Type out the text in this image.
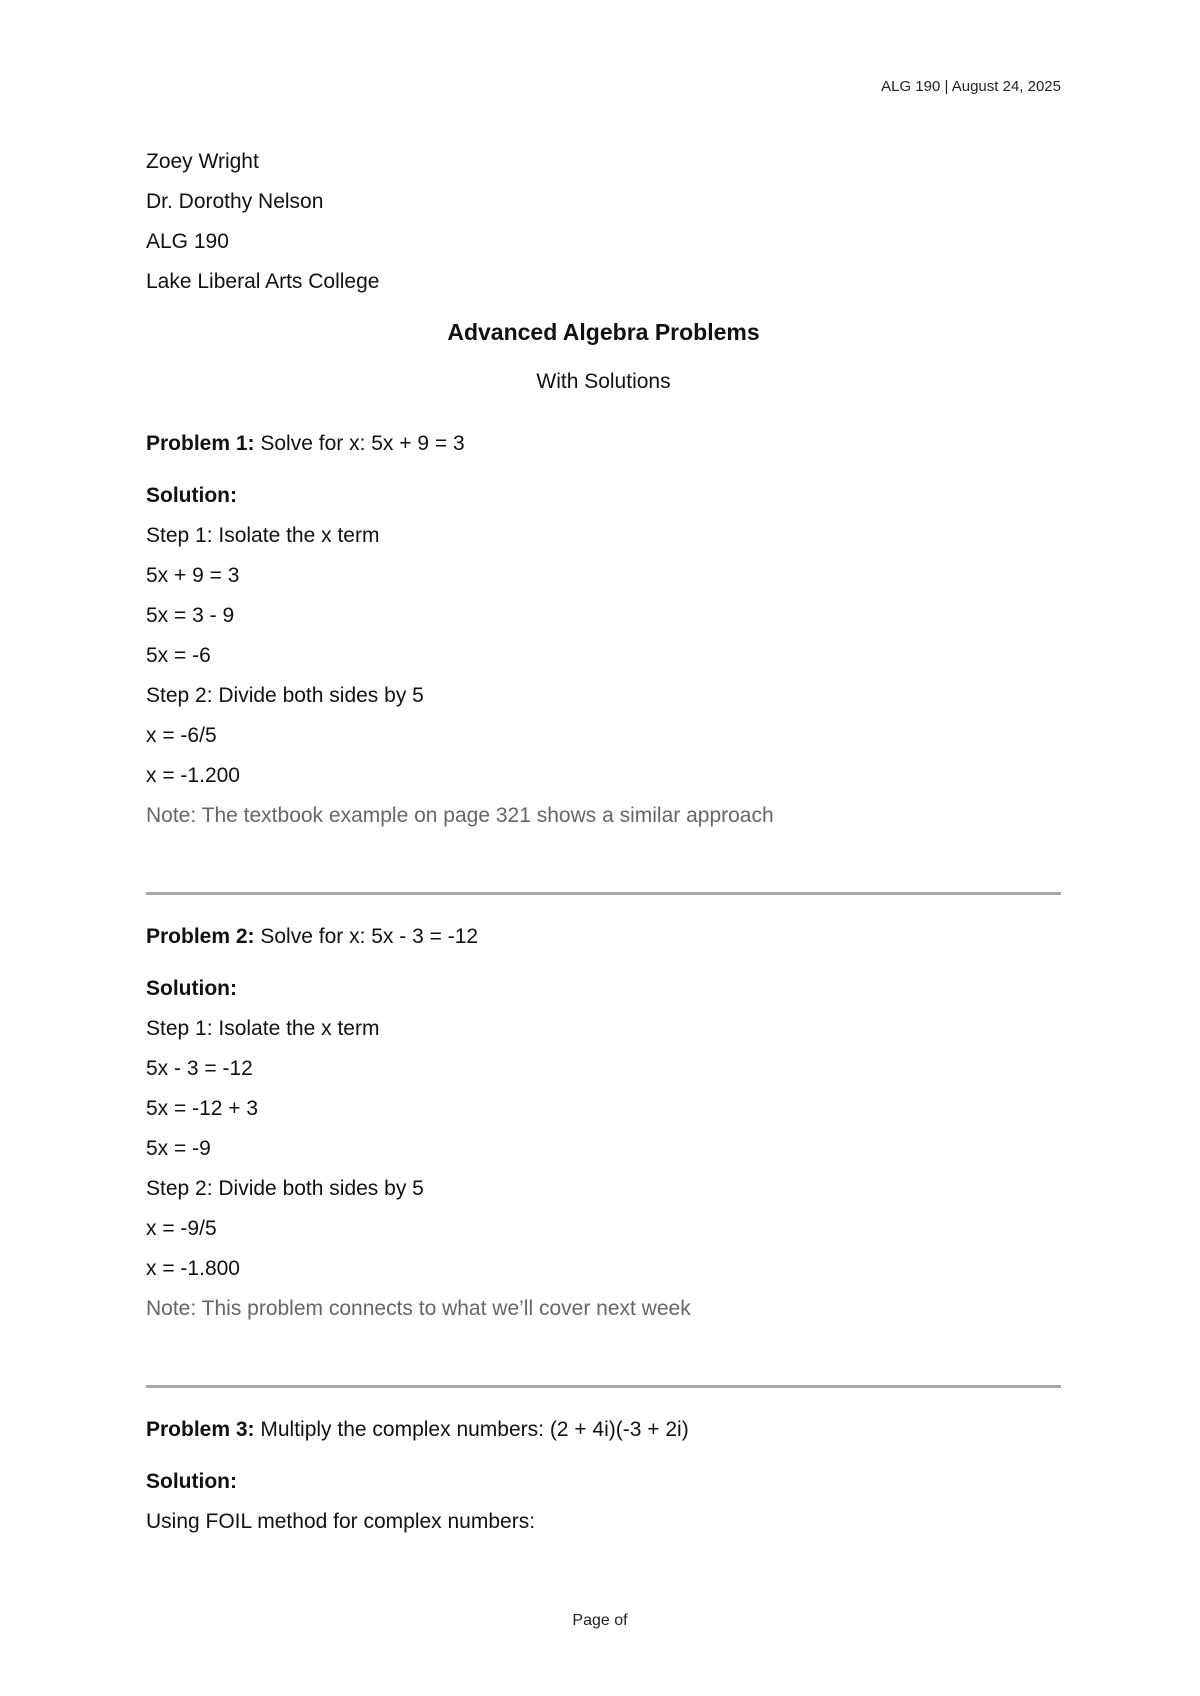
ALG 190 | August 24, 2025
Zoey Wright
Dr. Dorothy Nelson
ALG 190
Lake Liberal Arts College
Advanced Algebra Problems
With Solutions
Problem 1: Solve for x: 5x + 9 = 3
Solution:
Step 1: Isolate the x term
5x + 9 = 3
5x = 3 - 9
5x = -6
Step 2: Divide both sides by 5
x = -6/5
x = -1.200
Note: The textbook example on page 321 shows a similar approach
Problem 2: Solve for x: 5x - 3 = -12
Solution:
Step 1: Isolate the x term
5x - 3 = -12
5x = -12 + 3
5x = -9
Step 2: Divide both sides by 5
x = -9/5
x = -1.800
Note: This problem connects to what we’ll cover next week
Problem 3: Multiply the complex numbers: (2 + 4i)(-3 + 2i)
Solution:
Using FOIL method for complex numbers:
Page of
